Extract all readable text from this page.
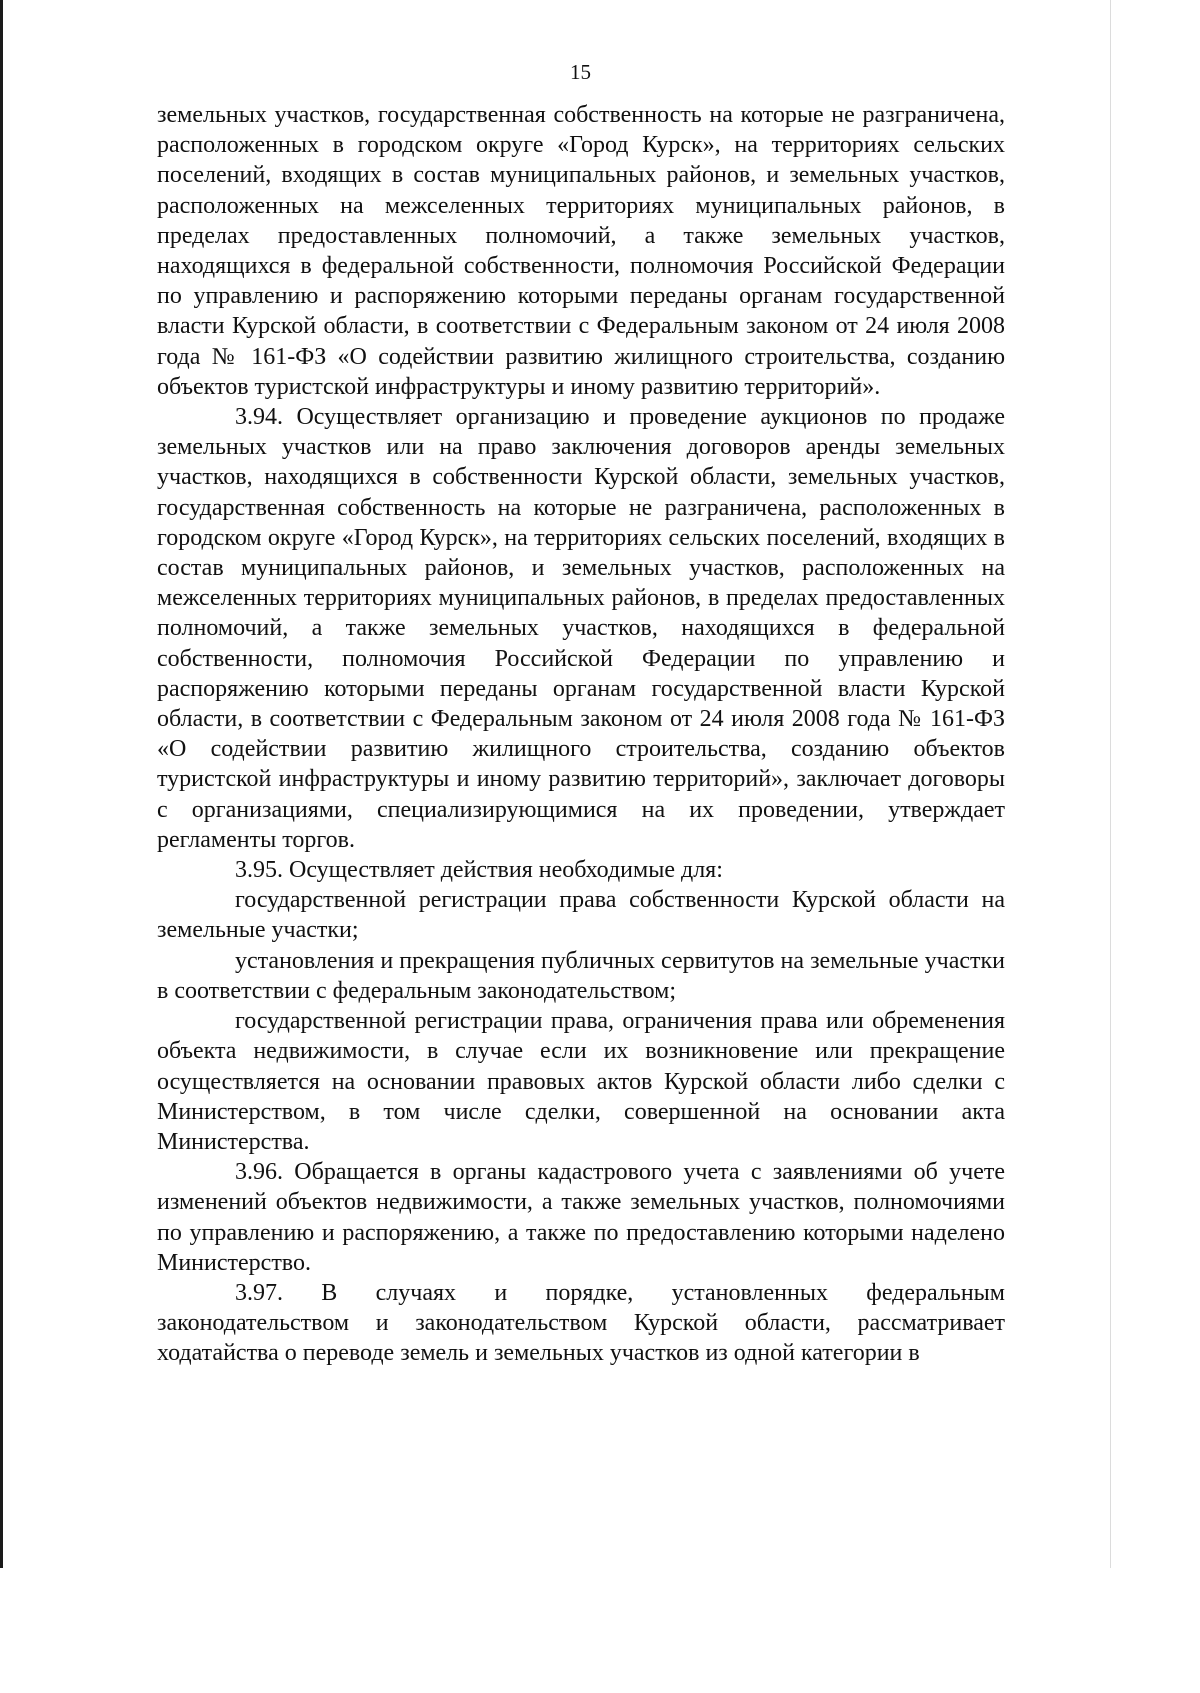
15

земельных участков, государственная собственность на которые не разграничена, расположенных в городском округе «Город Курск», на территориях сельских поселений, входящих в состав муниципальных районов, и земельных участков, расположенных на межселенных территориях муниципальных районов, в пределах предоставленных полномочий, а также земельных участков, находящихся в федеральной собственности, полномочия Российской Федерации по управлению и распоряжению которыми переданы органам государственной власти Курской области, в соответствии с Федеральным законом от 24 июля 2008 года № 161-ФЗ «О содействии развитию жилищного строительства, созданию объектов туристской инфраструктуры и иному развитию территорий».

3.94. Осуществляет организацию и проведение аукционов по продаже земельных участков или на право заключения договоров аренды земельных участков, находящихся в собственности Курской области, земельных участков, государственная собственность на которые не разграничена, расположенных в городском округе «Город Курск», на территориях сельских поселений, входящих в состав муниципальных районов, и земельных участков, расположенных на межселенных территориях муниципальных районов, в пределах предоставленных полномочий, а также земельных участков, находящихся в федеральной собственности, полномочия Российской Федерации по управлению и распоряжению которыми переданы органам государственной власти Курской области, в соответствии с Федеральным законом от 24 июля 2008 года № 161-ФЗ «О содействии развитию жилищного строительства, созданию объектов туристской инфраструктуры и иному развитию территорий», заключает договоры с организациями, специализирующимися на их проведении, утверждает регламенты торгов.

3.95. Осуществляет действия необходимые для:

государственной регистрации права собственности Курской области на земельные участки;

установления и прекращения публичных сервитутов на земельные участки в соответствии с федеральным законодательством;

государственной регистрации права, ограничения права или обременения объекта недвижимости, в случае если их возникновение или прекращение осуществляется на основании правовых актов Курской области либо сделки с Министерством, в том числе сделки, совершенной на основании акта Министерства.

3.96. Обращается в органы кадастрового учета с заявлениями об учете изменений объектов недвижимости, а также земельных участков, полномочиями по управлению и распоряжению, а также по предоставлению которыми наделено Министерство.

3.97. В случаях и порядке, установленных федеральным законодательством и законодательством Курской области, рассматривает ходатайства о переводе земель и земельных участков из одной категории в
